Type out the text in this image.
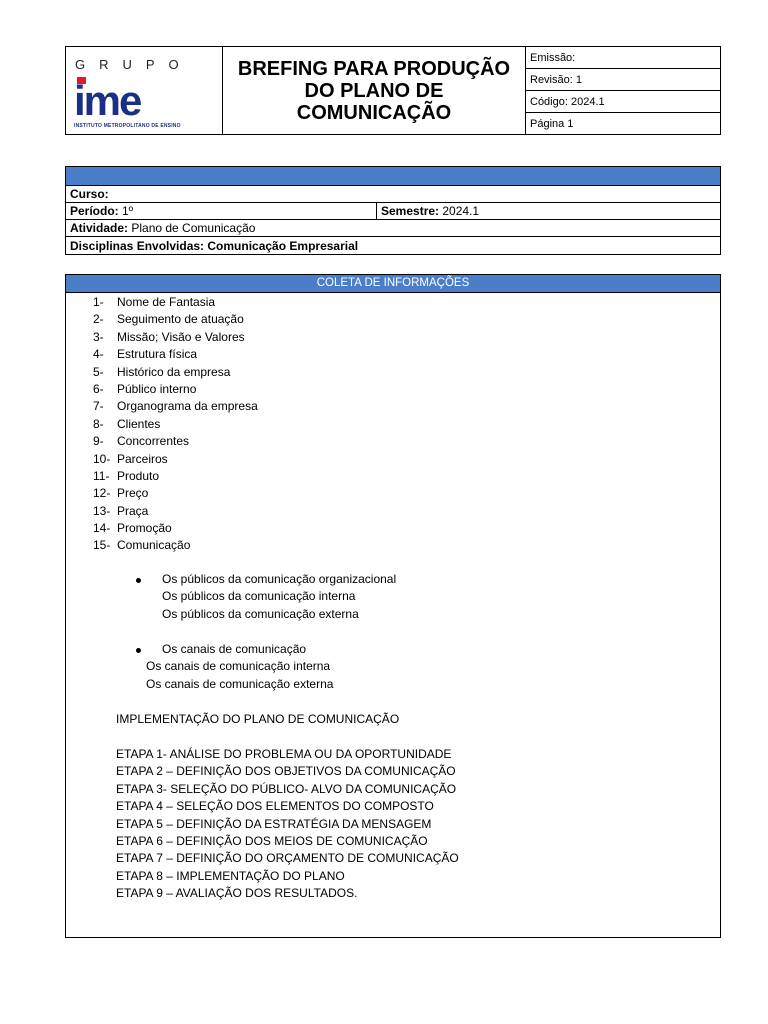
GRUPO
ime
INSTITUTO METROPOLITANO DE ENSINO
BREFING PARA PRODUÇÃO
DO PLANO DE
COMUNICAÇÃO
Emissão:
Revisão: 1
Código: 2024.1
Página 1
Curso:
Período: 1º	Semestre: 2024.1
Atividade: Plano de Comunicação
Disciplinas Envolvidas: Comunicação Empresarial
COLETA DE INFORMAÇÕES
1-	Nome de Fantasia
2-	Seguimento de atuação
3-	Missão; Visão e Valores
4-	Estrutura física
5-	Histórico da empresa
6-	Público interno
7-	Organograma da empresa
8-	Clientes
9-	Concorrentes
10- Parceiros
11- Produto
12- Preço
13- Praça
14- Promoção
15- Comunicação
Os públicos da comunicação organizacional
Os públicos da comunicação interna
Os públicos da comunicação externa
Os canais de comunicação
Os canais de comunicação interna
Os canais de comunicação externa
IMPLEMENTAÇÃO DO PLANO DE COMUNICAÇÃO
ETAPA 1- ANÁLISE DO PROBLEMA OU DA OPORTUNIDADE
ETAPA 2 – DEFINIÇÃO DOS OBJETIVOS DA COMUNICAÇÃO
ETAPA 3- SELEÇÃO DO PÚBLICO- ALVO DA COMUNICAÇÃO
ETAPA 4 – SELEÇÃO DOS ELEMENTOS DO COMPOSTO
ETAPA 5 – DEFINIÇÃO DA ESTRATÉGIA DA MENSAGEM
ETAPA 6 – DEFINIÇÃO DOS MEIOS DE COMUNICAÇÃO
ETAPA 7 – DEFINIÇÃO DO ORÇAMENTO DE COMUNICAÇÃO
ETAPA 8 – IMPLEMENTAÇÃO DO PLANO
ETAPA 9 – AVALIAÇÃO DOS RESULTADOS.
